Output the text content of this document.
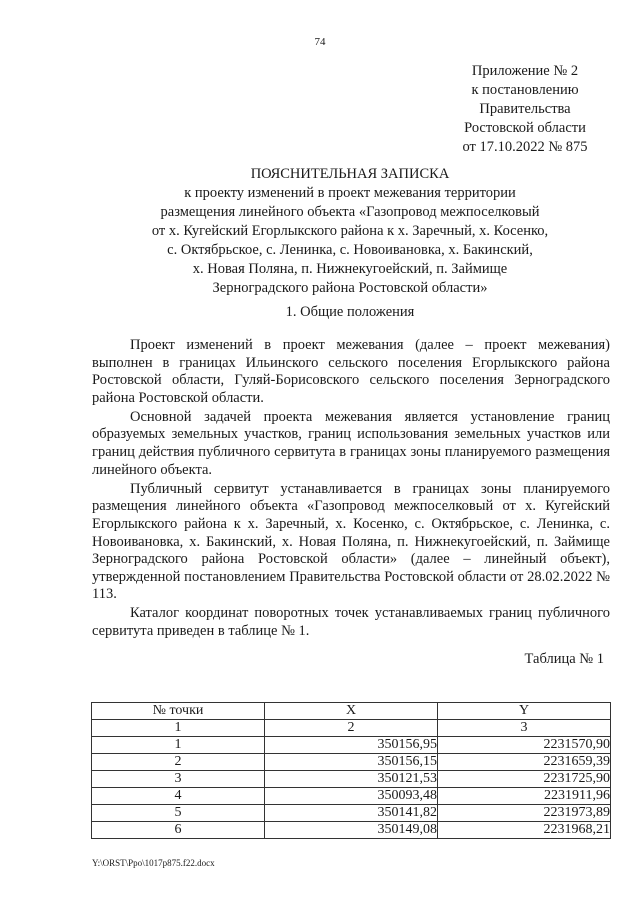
74
Приложение № 2
к постановлению
Правительства
Ростовской области
от 17.10.2022 № 875
ПОЯСНИТЕЛЬНАЯ ЗАПИСКА
к проекту изменений в проект межевания территории
размещения линейного объекта «Газопровод межпоселковый
от х. Кугейский Егорлыкского района к х. Заречный, х. Косенко,
с. Октябрьское, с. Ленинка, с. Новоивановка, х. Бакинский,
х. Новая Поляна, п. Нижнекугоейский, п. Займище
Зерноградского района Ростовской области»
1. Общие положения

Проект изменений в проект межевания (далее – проект межевания) выполнен в границах Ильинского сельского поселения Егорлыкского района Ростовской области, Гуляй-Борисовского сельского поселения Зерноградского района Ростовской области.

Основной задачей проекта межевания является установление границ образуемых земельных участков, границ использования земельных участков или границ действия публичного сервитута в границах зоны планируемого размещения линейного объекта.

Публичный сервитут устанавливается в границах зоны планируемого размещения линейного объекта «Газопровод межпоселковый от х. Кугейский Егорлыкского района к х. Заречный, х. Косенко, с. Октябрьское, с. Ленинка, с. Новоивановка, х. Бакинский, х. Новая Поляна, п. Нижнекугоейский, п. Займище Зерноградского района Ростовской области» (далее – линейный объект), утвержденной постановлением Правительства Ростовской области от 28.02.2022 № 113.

Каталог координат поворотных точек устанавливаемых границ публичного сервитута приведен в таблице № 1.

Таблица № 1
№ точки	X	Y
1	2	3
1	350156,95	2231570,90
2	350156,15	2231659,39
3	350121,53	2231725,90
4	350093,48	2231911,96
5	350141,82	2231973,89
6	350149,08	2231968,21
Y:\ORST\Ppo\1017p875.f22.docx
